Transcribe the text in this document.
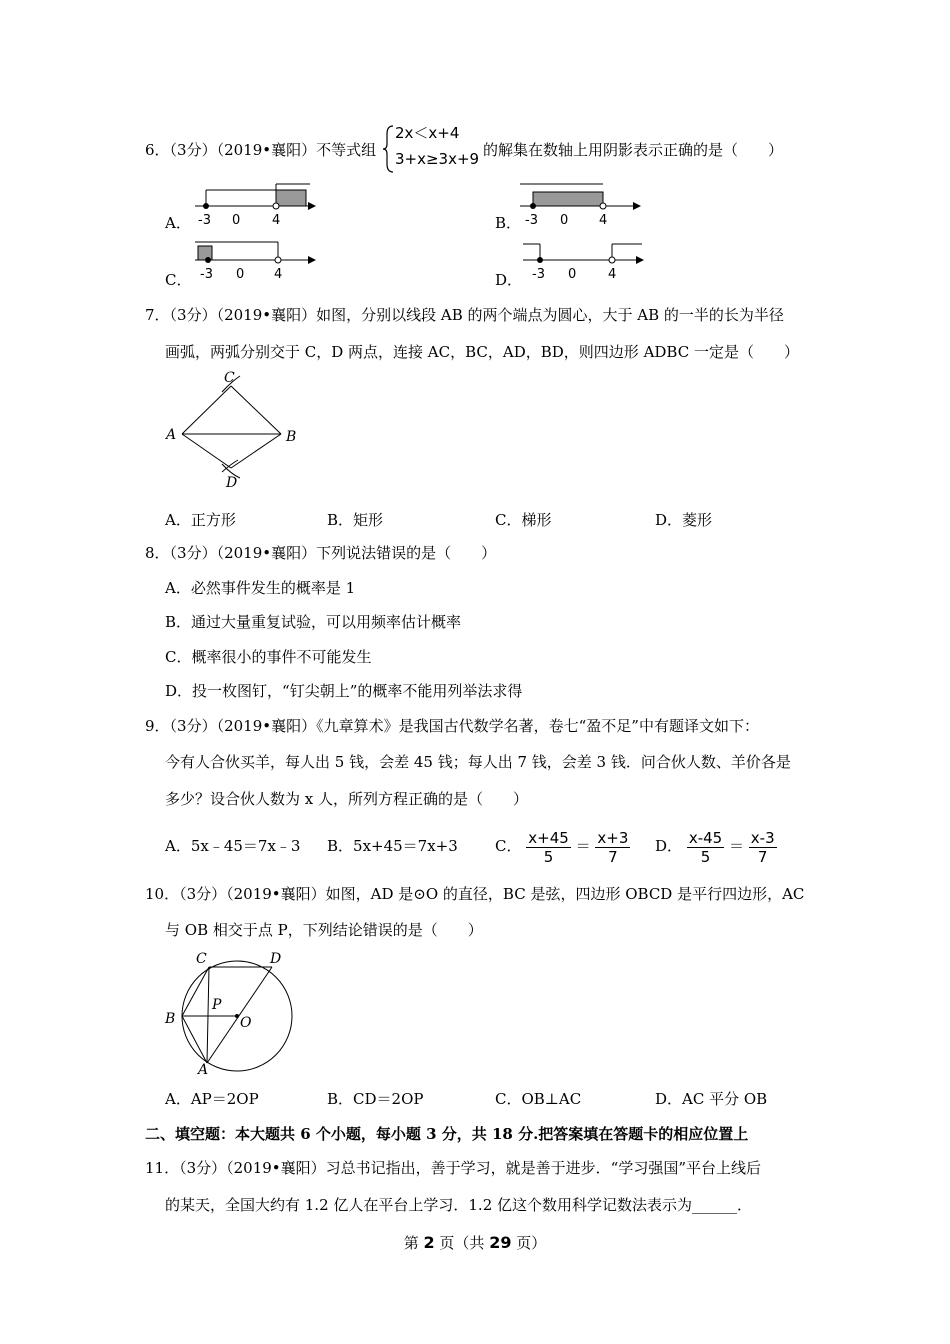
6．（3分）（2019•襄阳）不等式组
2x＜x+4
3+x≥3x+9 的解集在数轴上用阴影表示正确的是（　　）
A． -3 0 4	B． -3 0 4
C． -3 0 4	D． -3 0 4
7．（3分）（2019•襄阳）如图，分别以线段 AB 的两个端点为圆心，大于 AB 的一半的长为半径
画弧，两弧分别交于 C，D 两点，连接 AC，BC，AD，BD，则四边形 ADBC 一定是（　　）
C
A	B
D
A．正方形	B．矩形	C．梯形	D．菱形
8．（3分）（2019•襄阳）下列说法错误的是（　　）
A．必然事件发生的概率是 1
B．通过大量重复试验，可以用频率估计概率
C．概率很小的事件不可能发生
D．投一枚图钉，“钉尖朝上”的概率不能用列举法求得
9．（3分）（2019•襄阳）《九章算术》是我国古代数学名著，卷七“盈不足”中有题译文如下：
今有人合伙买羊，每人出 5 钱，会差 45 钱；每人出 7 钱，会差 3 钱．问合伙人数、羊价各是
多少？设合伙人数为 x 人，所列方程正确的是（　　）
A．5x﹣45＝7x﹣3 B．5x+45＝7x+3 C． $\frac{x+45}{5} = \frac{x+3}{7}$ D． $\frac{x-45}{5} = \frac{x-3}{7}$
10．（3分）（2019•襄阳）如图，AD 是⊙O 的直径，BC 是弦，四边形 OBCD 是平行四边形，AC
与 OB 相交于点 P，下列结论错误的是（　　）
C	D
P
B	O
A
A．AP＝2OP	B．CD＝2OP	C．OB⊥AC	D．AC 平分 OB
二、填空题：本大题共 6 个小题，每小题 3 分，共 18 分.把答案填在答题卡的相应位置上
11．（3分）（2019•襄阳）习总书记指出，善于学习，就是善于进步．“学习强国”平台上线后
的某天，全国大约有 1.2 亿人在平台上学习．1.2 亿这个数用科学记数法表示为______．
第 2 页（共 29 页）
